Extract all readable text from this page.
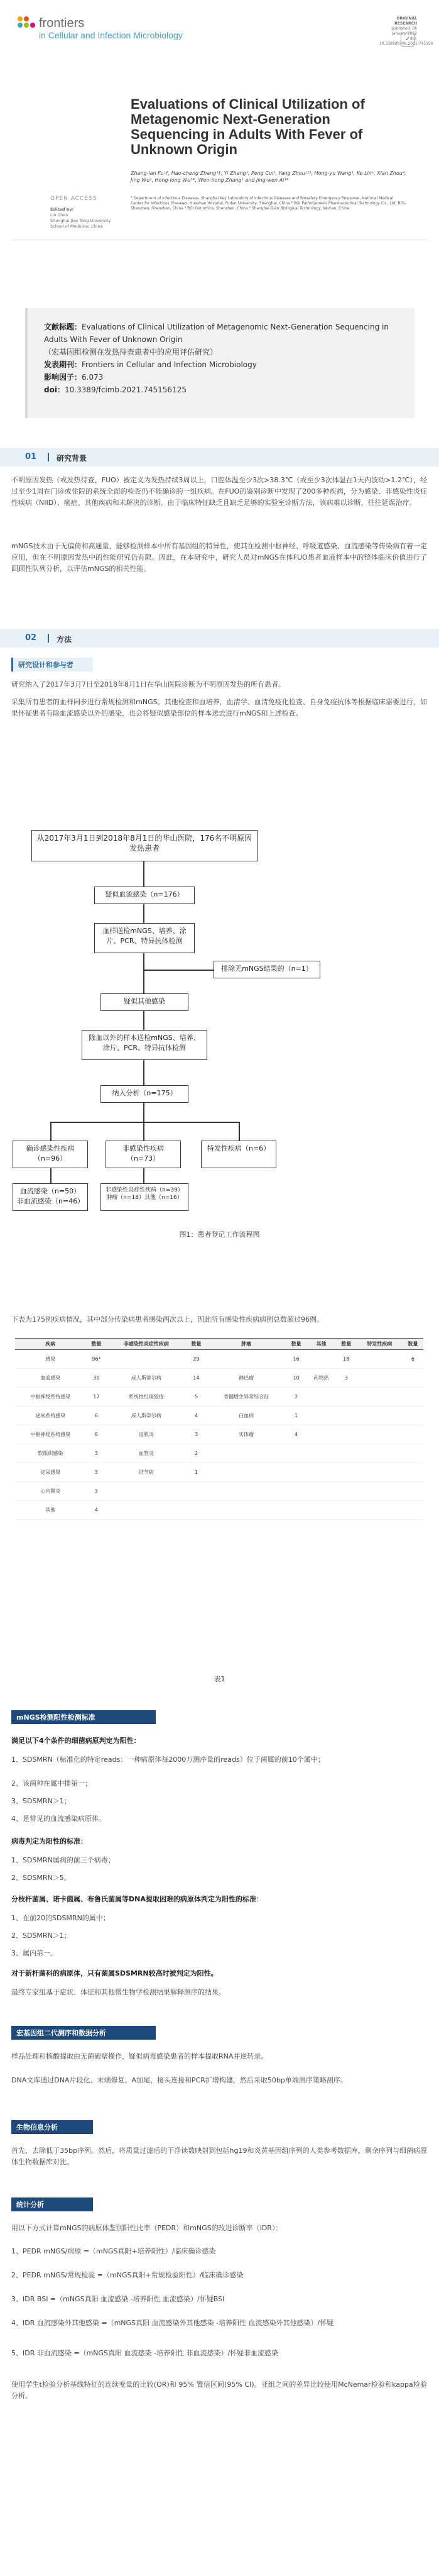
frontiers
in Cellular and Infection Microbiology
ORIGINAL RESEARCH
published: 06 January 2022
doi: 10.3389/fcimb.2021.745156
✓
Evaluations of Clinical Utilization of Metagenomic Next-Generation Sequencing in Adults With Fever of Unknown Origin
Zhang-lan Fu¹†, Hao-cheng Zhang¹†, Yi Zhang¹, Peng Cui¹, Yang Zhou¹²³, Hong-yu Wang¹, Ke Lin¹, Xian Zhou⁴, Jing Wu¹, Hong-long Wu⁵*, Wen-hong Zhang¹ and Jing-wen Ai¹*
¹ Department of Infectious Diseases, Shanghai Key Laboratory of Infectious Diseases and Biosafety Emergency Response, National Medical Center for Infectious Diseases, Huashan Hospital, Fudan University, Shanghai, China ² BGI PathoGenesis Pharmaceutical Technology Co., Ltd, BGI-Shenzhen, Shenzhen, China ³ BGI Genomics, Shenzhen, China ⁴ Shanghai Dian Biological Technology, Wuhan, China
OPEN ACCESS
Edited by:
Lin Chen
Shanghai Jiao Tong University School of Medicine, China
文献标题：Evaluations of Clinical Utilization of Metagenomic Next-Generation Sequencing in Adults With Fever of Unknown Origin
（宏基因组检测在发热待查患者中的应用评估研究）
发表期刊：Frontiers in Cellular and Infection Microbiology
影响因子：6.073
doi：10.3389/fcimb.2021.745156125
01	研究背景
不明原因发热（或发热待查，FUO）被定义为发热持续3周以上，口腔体温至少3次>38.3℃（或至少3次体温在1天内波动>1.2℃），经过至少1周在门诊或住院的系统全面的检查仍不能确诊的一组疾病。在FUO的鉴别诊断中发现了200多种疾病，分为感染、非感染性炎症性疾病（NIID）、癌症、其他疾病和未解决的诊断。由于临床特征缺乏且缺乏足够的实验室诊断方法，该病难以诊断，往往延误治疗。
mNGS技术由于无偏倚和高通量，能够检测样本中所有基因组的特异性，使其在检测中枢神经、呼吸道感染、血流感染等传染病有着一定应用，但在不明原因发热中的性能研究仍有限。因此，在本研究中，研究人员对mNGS在体FUO患者血液样本中的整体临床价值进行了回顾性队列分析，以评估mNGS的相关性能。
02	方法
研究设计和参与者
研究纳入了2017年3月7日至2018年8月1日在华山医院诊断为不明原因发热的所有患者。
采集所有患者的血样同步进行常规检测和mNGS。其他检查和血培养，血清学、血清免疫化检查、自身免疫抗体等根据临床需要进行，如果怀疑患者有除血流感染以外的感染，也会将疑似感染部位的样本送去进行mNGS和上述检查。
从2017年3月1日到2018年8月1日的华山医院，176名不明原因发热患者
疑似血流感染（n=176）
血样送检mNGS、培养、涂片、PCR、特异抗体检测
排除无mNGS结果的（n=1）
疑似其他感染
除血以外的样本送检mNGS、培养、涂片、PCR、特异抗体检测
纳入分析（n=175）
确诊感染性疾病（n=96）
非感染性疾病（n=73）
特发性疾病（n=6）
血流感染（n=50）非血流感染（n=46）
非感染性炎症性疾病（n=39）肿瘤（n=18）其他（n=16）
图1：患者登记工作流程图
下表为175例疾病情况，其中部分传染病患者感染两次以上，因此所有感染性疾病病例总数超过96例。
疾病	数量	非感染性炎症性疾病	数量	肿瘤	数量	其他	数量	特发性疾病	数量
感染	96*		29		16		18		6
血流感染	30	成人斯蒂尔病	14	淋巴瘤	10	药物热	3		
中枢神经系统感染	17	系统性红斑狼疮	5	骨髓增生异常综合征	2				
泌尿系统感染	6	成人斯蒂尔病	4	白血病	1				
中枢神经系统感染	6	皮肌炎	3	实体瘤	4				
软组织感染	3	血管炎	2						
泌尿感染	3	结节病	1						
心内膜炎	3								
其他	4								
表1
mNGS检测阳性检测标准
满足以下4个条件的细菌病原判定为阳性：
1、SDSMRN（标准化的特定reads：一种病原体每2000万测序量的reads）位于菌属的前10个属中；
2、该菌种在属中排第一；
3、SDSMRN＞1；
4、是常见的血流感染病原体。
病毒判定为阳性的标准：
1、SDSMRN属病的前三个病毒；
2、SDSMRN＞5。
分枝杆菌属、诺卡菌属、布鲁氏菌属等DNA提取困难的病原体判定为阳性的标准：
1、在前20的SDSMRN的属中；
2、SDSMRN＞1；
3、属内第一。
对于新杆菌科的病原体，只有菌属SDSMRN较高时被判定为阳性。
最终专家组基于症状、体征和其他微生物学检测结果解释测序的结果。
宏基因组二代测序和数据分析
样品处理和核酸提取由无菌破壁操作，疑似病毒感染患者的样本提取RNA并逆转录。
DNA文库通过DNA片段化、末端修复、A加尾、接头连接和PCR扩增构建，然后采取50bp单端测序策略测序。
生物信息分析
首先，去除低于35bp序列。然后，将质量过滤后的干净读数映射到包括hg19和炎黄基因组序列的人类参考数据库，剩余序列与细菌病原体生物数据库对比。
统计分析
用以下方式计算mNGS的病原体鉴别阳性比率（PEDR）和mNGS的改进诊断率（IDR）：
1、PEDR mNGS/病原 =（mNGS真阳+培养阳性）/临床确诊感染
2、PEDR mNGS/常规检验 =（mNGS真阳+常规检验阳性）/临床确诊感染
3、IDR BSI =（mNGS真阳 血流感染 -培养阳性 血流感染）/怀疑BSI
4、IDR 血流感染外其他感染 =（mNGS真阳 血流感染外其他感染 -培养阳性 血流感染外其他感染）/怀疑
5、IDR 非血流感染 =（mNGS真阳 血流感染 -培养阳性 非血流感染）/怀疑非血流感染
使用学生t检验分析基线特征的连续变量的比较(OR)和 95% 置信区间(95% CI)。亚组之间的差异比较使用McNemar检验和kappa检验分析。
